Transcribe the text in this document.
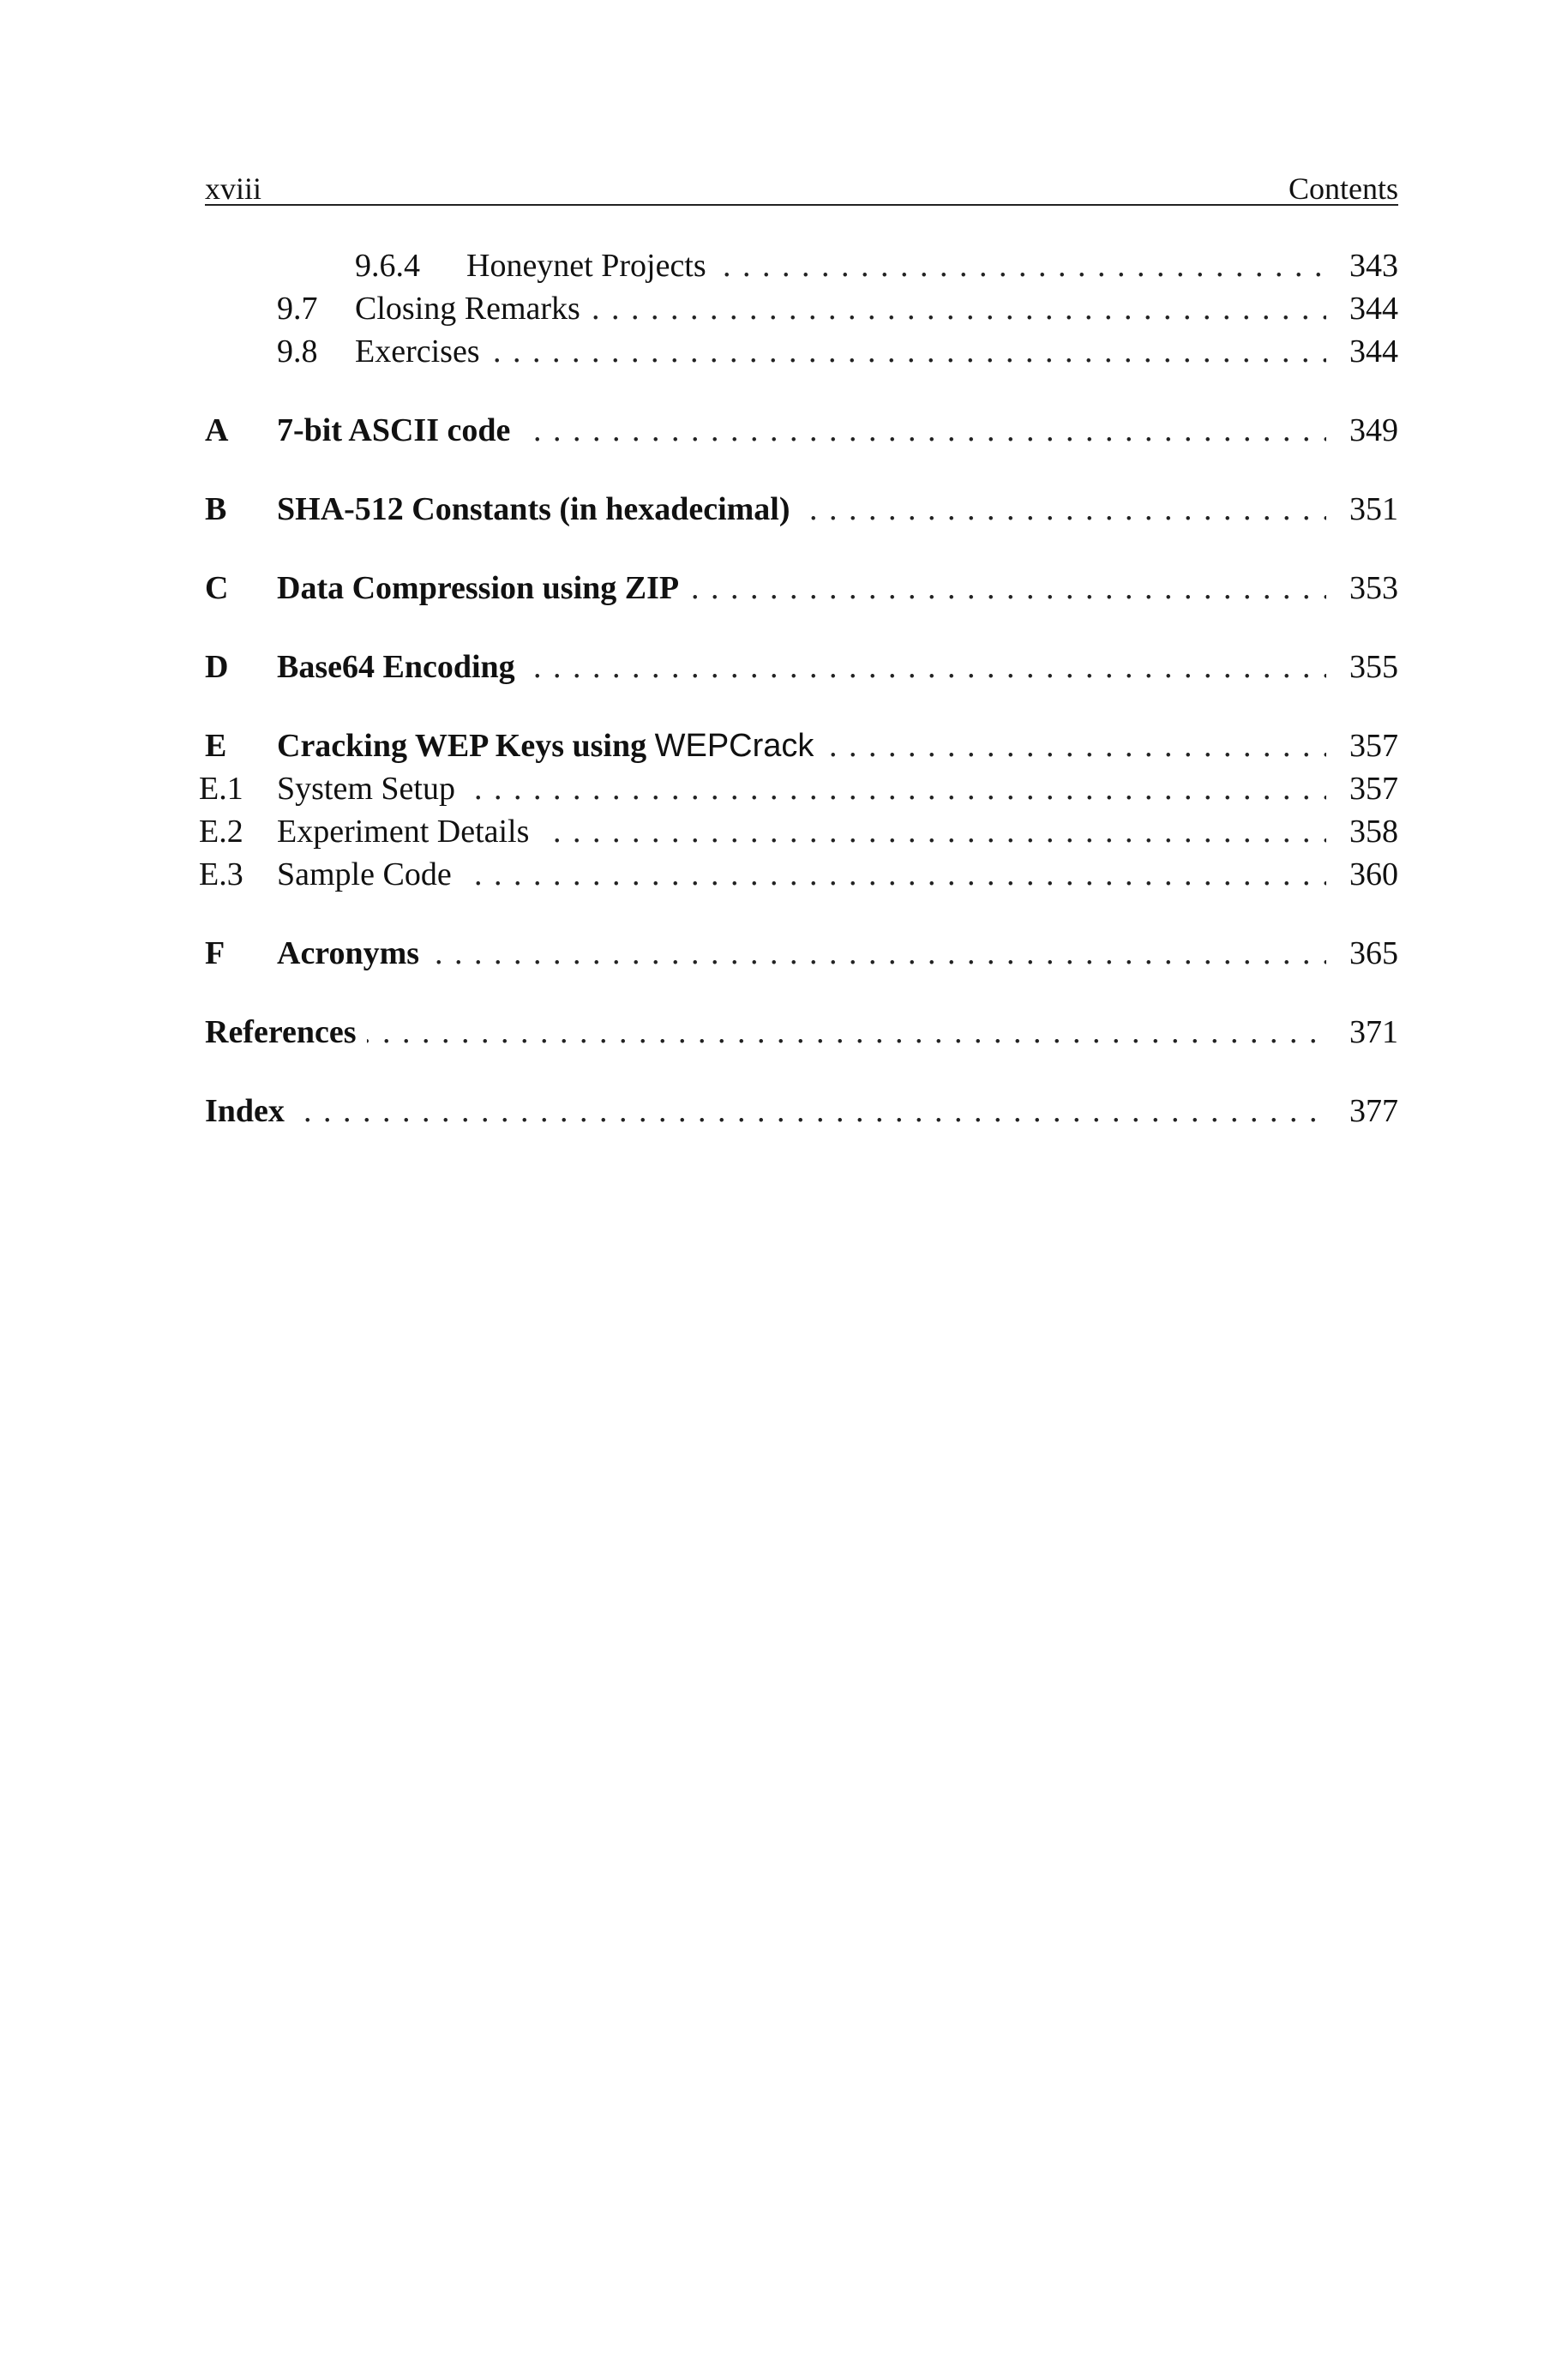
xviii	Contents
9.6.4 Honeynet Projects . . .	343
9.7 Closing Remarks . . .	344
9.8 Exercises . . .	344
A 7-bit ASCII code . . .	349
B SHA-512 Constants (in hexadecimal) . . .	351
C Data Compression using ZIP . . .	353
D Base64 Encoding . . .	355
E Cracking WEP Keys using WEPCrack . . .	357
E.1 System Setup . . .	357
E.2 Experiment Details . . .	358
E.3 Sample Code . . .	360
F Acronyms . . .	365
References . . .	371
Index . . .	377
